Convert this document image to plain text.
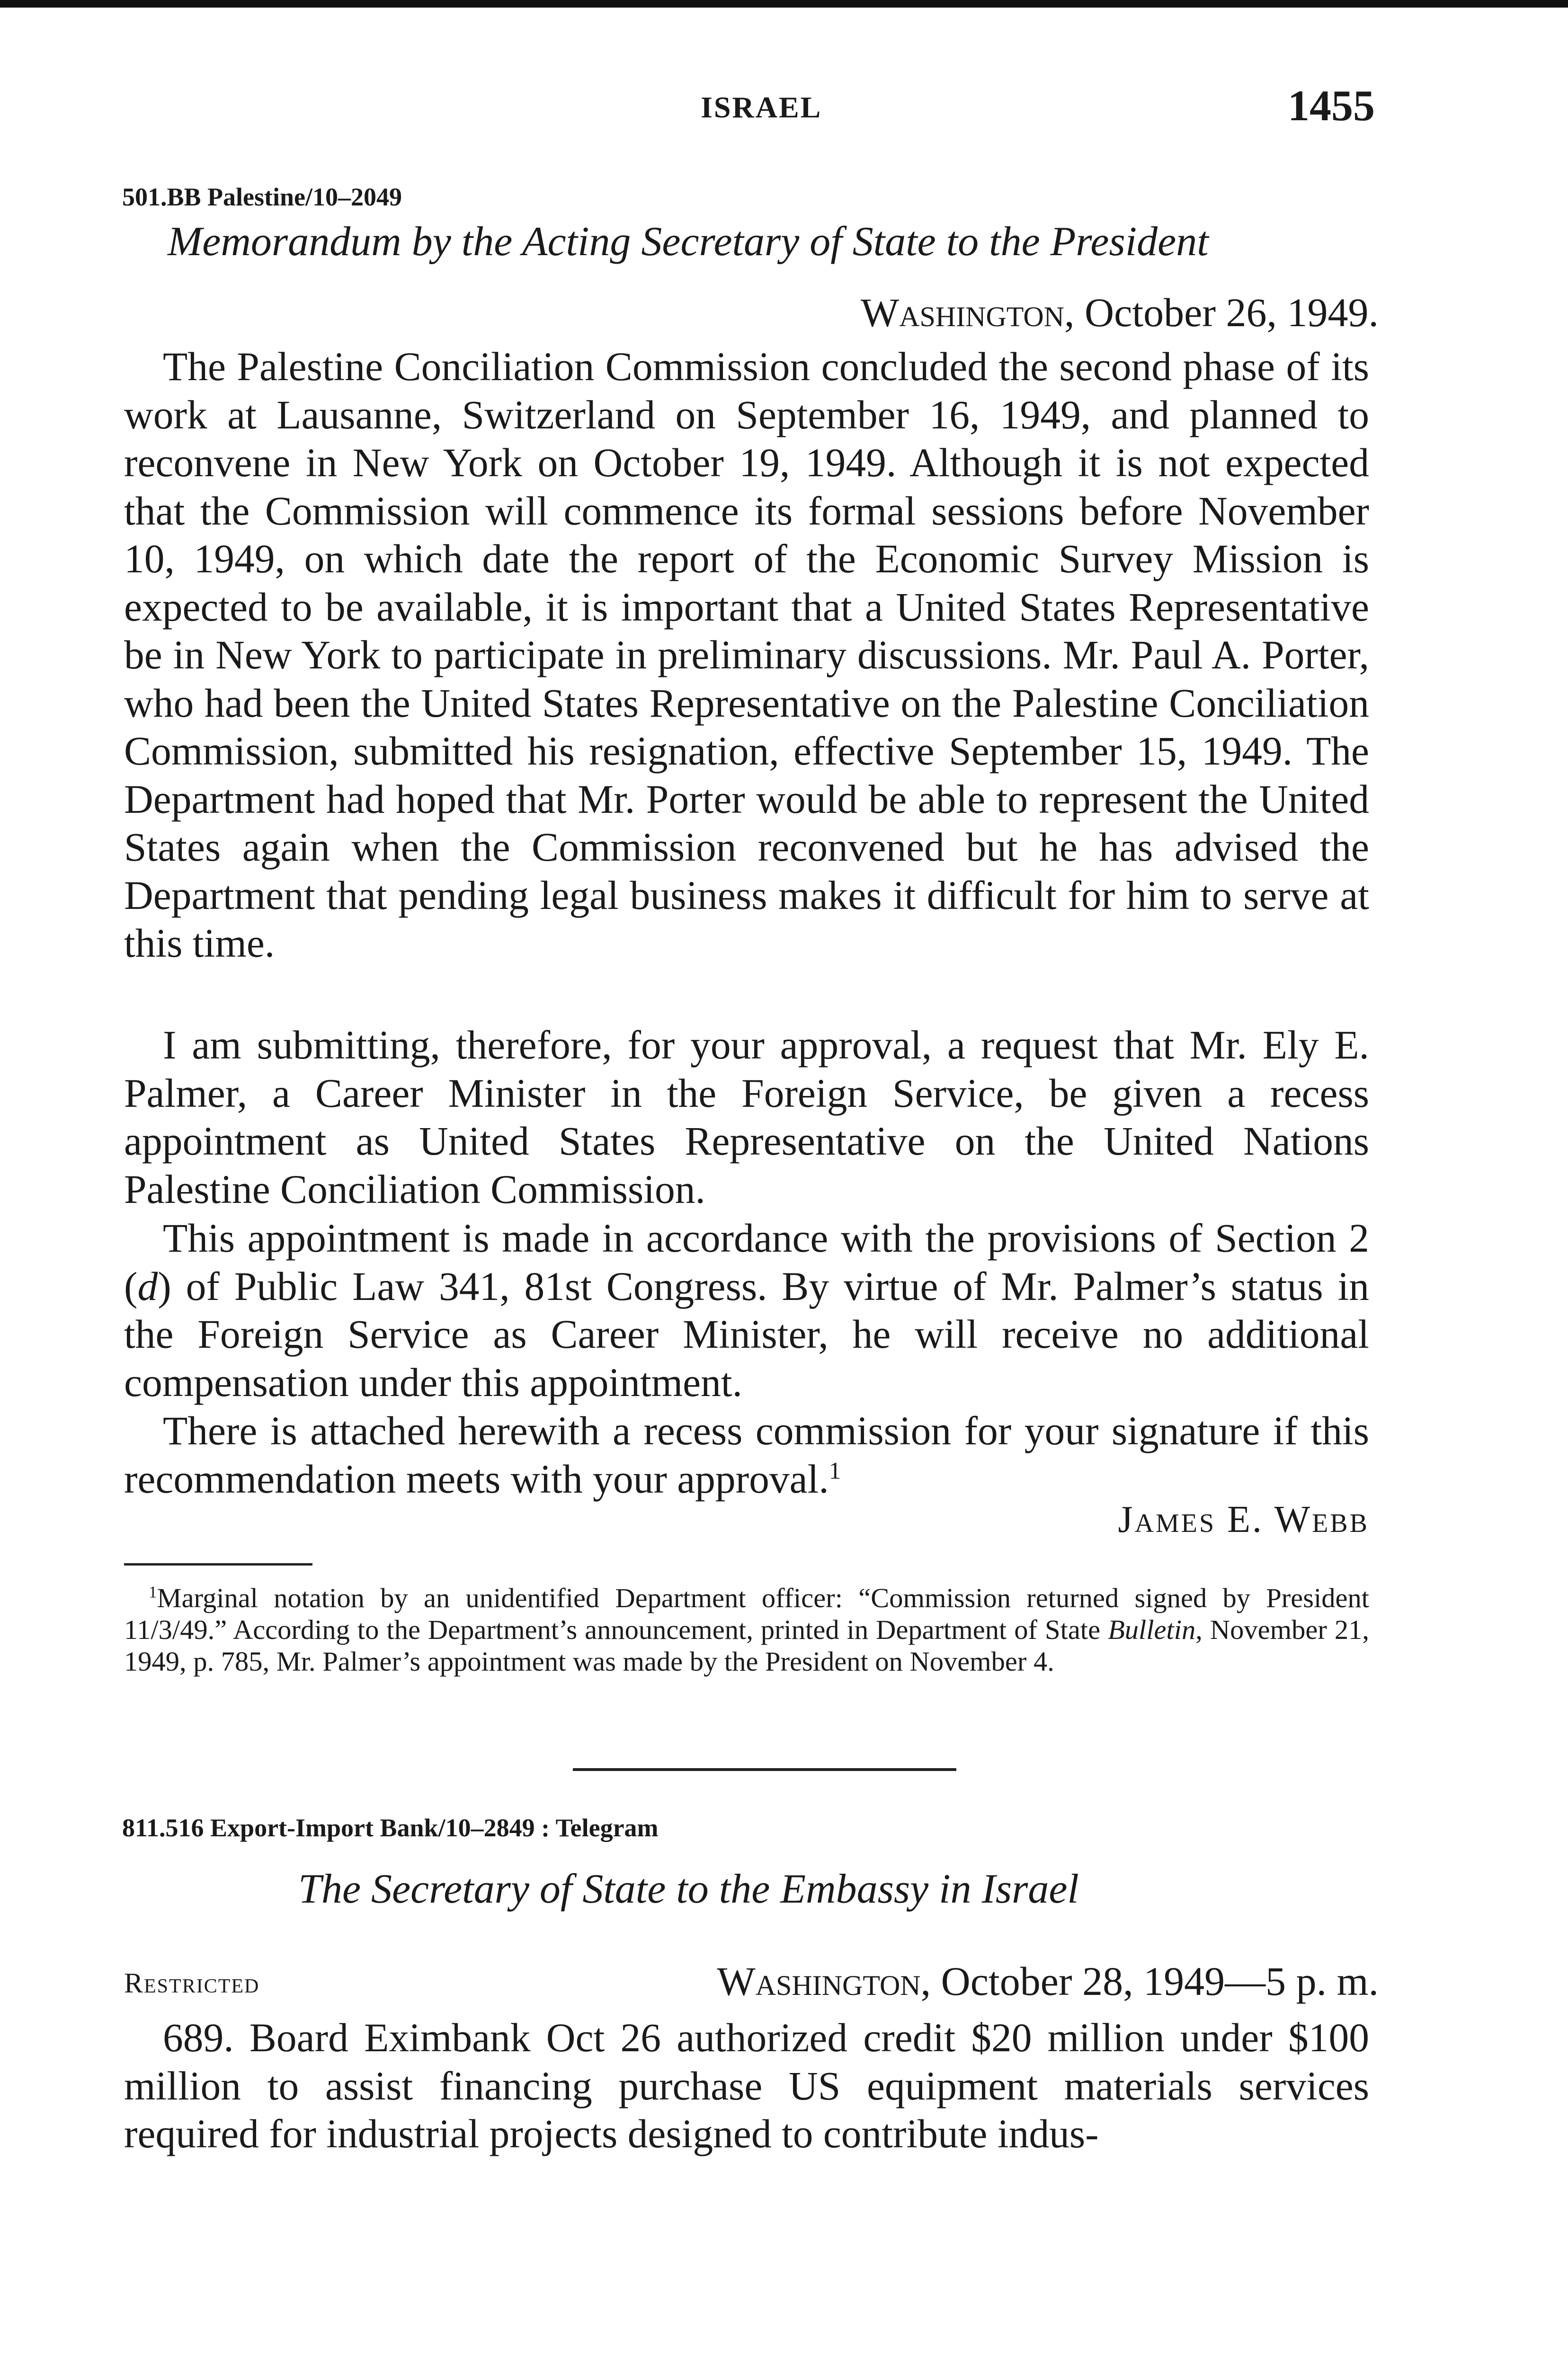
ISRAEL	1455
501.BB Palestine/10–2049
Memorandum by the Acting Secretary of State to the President
Washington, October 26, 1949.

The Palestine Conciliation Commission concluded the second phase of its work at Lausanne, Switzerland on September 16, 1949, and planned to reconvene in New York on October 19, 1949. Although it is not expected that the Commission will commence its formal sessions before November 10, 1949, on which date the report of the Economic Survey Mission is expected to be available, it is important that a United States Representative be in New York to participate in preliminary discussions. Mr. Paul A. Porter, who had been the United States Representative on the Palestine Conciliation Commission, submitted his resignation, effective September 15, 1949. The Department had hoped that Mr. Porter would be able to represent the United States again when the Commission reconvened but he has advised the Department that pending legal business makes it difficult for him to serve at this time.

I am submitting, therefore, for your approval, a request that Mr. Ely E. Palmer, a Career Minister in the Foreign Service, be given a recess appointment as United States Representative on the United Nations Palestine Conciliation Commission.

This appointment is made in accordance with the provisions of Section 2 (d) of Public Law 341, 81st Congress. By virtue of Mr. Palmer’s status in the Foreign Service as Career Minister, he will receive no additional compensation under this appointment.

There is attached herewith a recess commission for your signature if this recommendation meets with your approval.$^1$

James E. Webb

$^1$Marginal notation by an unidentified Department officer: “Commission returned signed by President 11/3/49.” According to the Department’s announcement, printed in Department of State Bulletin, November 21, 1949, p. 785, Mr. Palmer’s appointment was made by the President on November 4.

811.516 Export-Import Bank/10–2849 : Telegram
The Secretary of State to the Embassy in Israel
Restricted	Washington, October 28, 1949—5 p. m.

689. Board Eximbank Oct 26 authorized credit $20 million under $100 million to assist financing purchase US equipment materials services required for industrial projects designed to contribute indus-
